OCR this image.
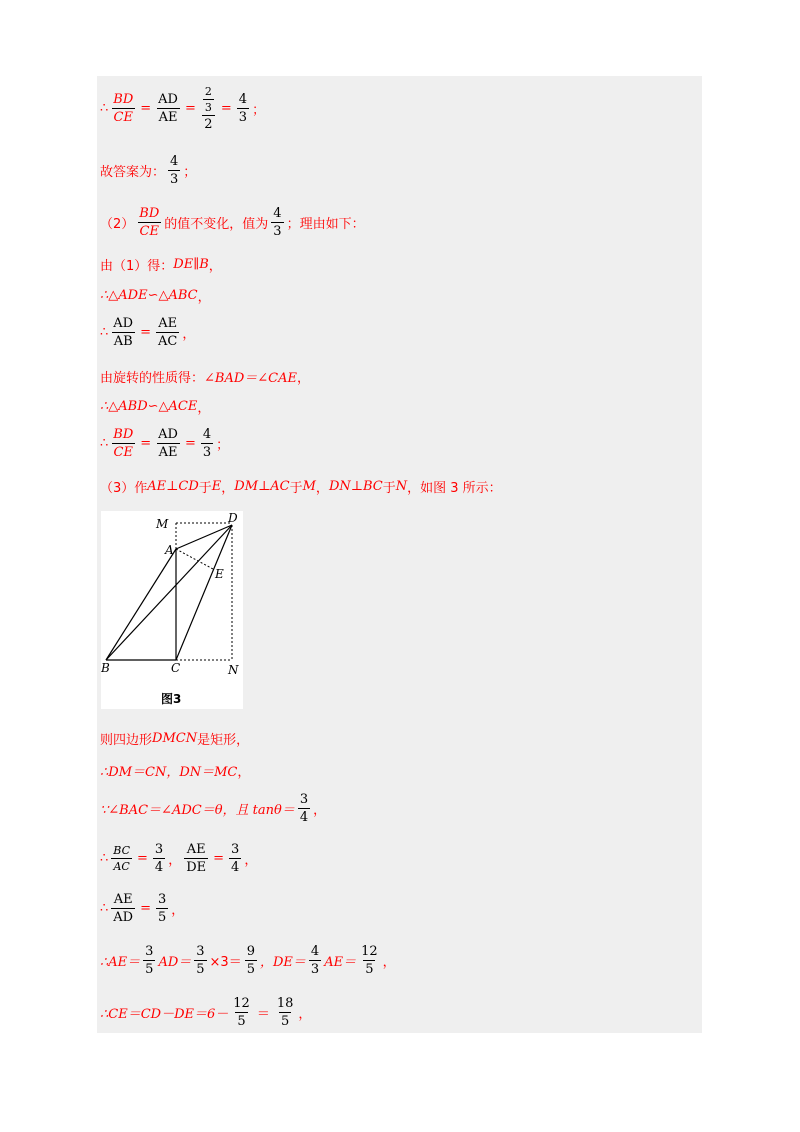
∴ $\frac{BD}{CE} = \frac{AD}{AE} = \frac{\frac{2}{3}}{2} = \frac{4}{3}$ ；
故答案为： $\frac{4}{3}$ ；
$(2) \frac{BD}{CE}$ 的值不变化，值为 $\frac{4}{3}$ ；理由如下：
由（1）得： DE∥B ，
∴△ADE∽△ABC ，
∴ $\frac{AD}{AB} = \frac{AE}{AC}$ ，
由旋转的性质得： ∠BAD＝∠CAE ，
∴△ABD∽△ACE ，
∴ $\frac{BD}{CE} = \frac{AD}{AE} = \frac{4}{3}$ ；
（3）作 AE⊥CD 于 E ， DM⊥AC 于 M ， DN⊥BC 于 N ，如图 3 所示：
M	D
A
E
B	C	N
图3
则四边形 DMCN 是矩形，
∴DM＝CN，DN＝MC ，
∵∠BAC＝∠ADC＝θ，且 $\tan\theta= \frac{3}{4}$ ，
∴ $\frac{BC}{AC} = \frac{3}{4}$ ， $\frac{AE}{DE} = \frac{3}{4}$ ，
∴ $\frac{AE}{AD} = \frac{3}{5}$ ，
∴AE＝ $\frac{3}{5} AD= \frac{3}{5} \times 3= \frac{9}{5}$ ，$DE= \frac{4}{3} AE= \frac{12}{5}$ ，
∴CE＝CD－DE＝6－ $\frac{12}{5} = \frac{18}{5}$ ，
